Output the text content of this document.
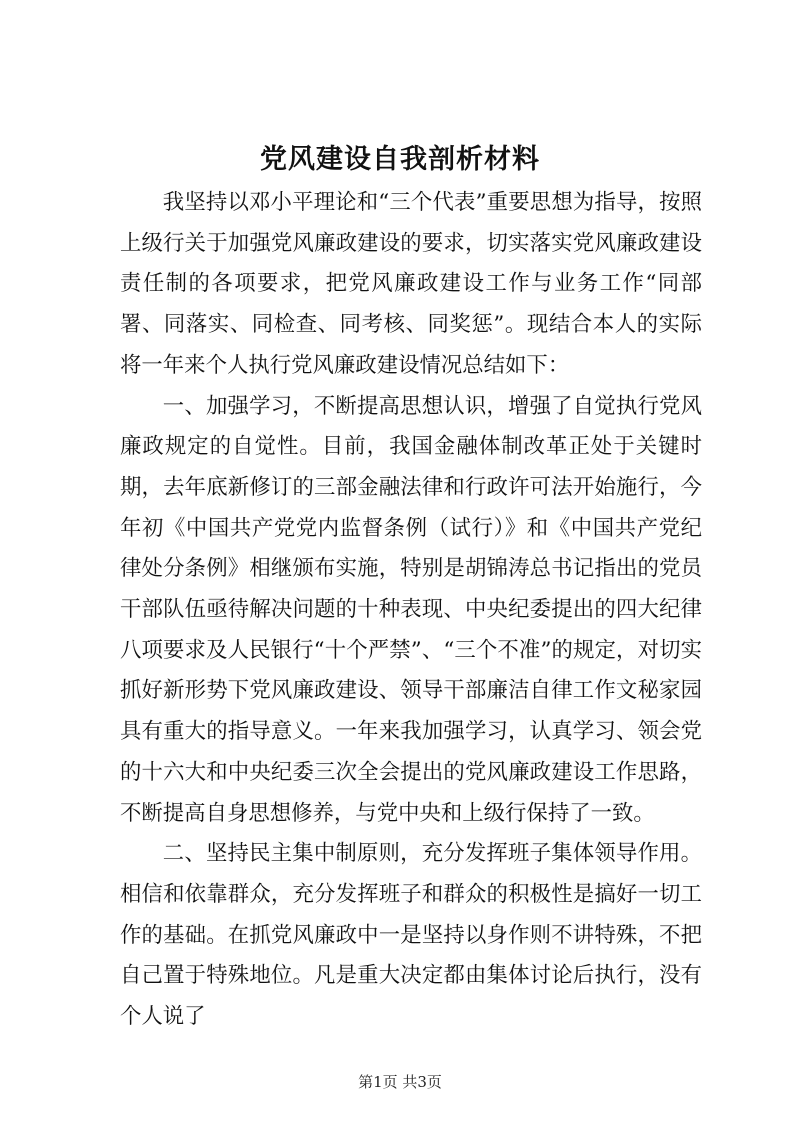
党风建设自我剖析材料

我坚持以邓小平理论和“三个代表”重要思想为指导，按照上级行关于加强党风廉政建设的要求，切实落实党风廉政建设责任制的各项要求，把党风廉政建设工作与业务工作“同部署、同落实、同检查、同考核、同奖惩”。现结合本人的实际将一年来个人执行党风廉政建设情况总结如下：

一、加强学习，不断提高思想认识，增强了自觉执行党风廉政规定的自觉性。目前，我国金融体制改革正处于关键时期，去年底新修订的三部金融法律和行政许可法开始施行，今年初《中国共产党党内监督条例（试行）》和《中国共产党纪律处分条例》相继颁布实施，特别是胡锦涛总书记指出的党员干部队伍亟待解决问题的十种表现、中央纪委提出的四大纪律八项要求及人民银行“十个严禁”、“三个不准”的规定，对切实抓好新形势下党风廉政建设、领导干部廉洁自律工作文秘家园具有重大的指导意义。一年来我加强学习，认真学习、领会党的十六大和中央纪委三次全会提出的党风廉政建设工作思路，不断提高自身思想修养，与党中央和上级行保持了一致。

二、坚持民主集中制原则，充分发挥班子集体领导作用。相信和依靠群众，充分发挥班子和群众的积极性是搞好一切工作的基础。在抓党风廉政中一是坚持以身作则不讲特殊，不把自己置于特殊地位。凡是重大决定都由集体讨论后执行，没有个人说了

第1页 共3页
